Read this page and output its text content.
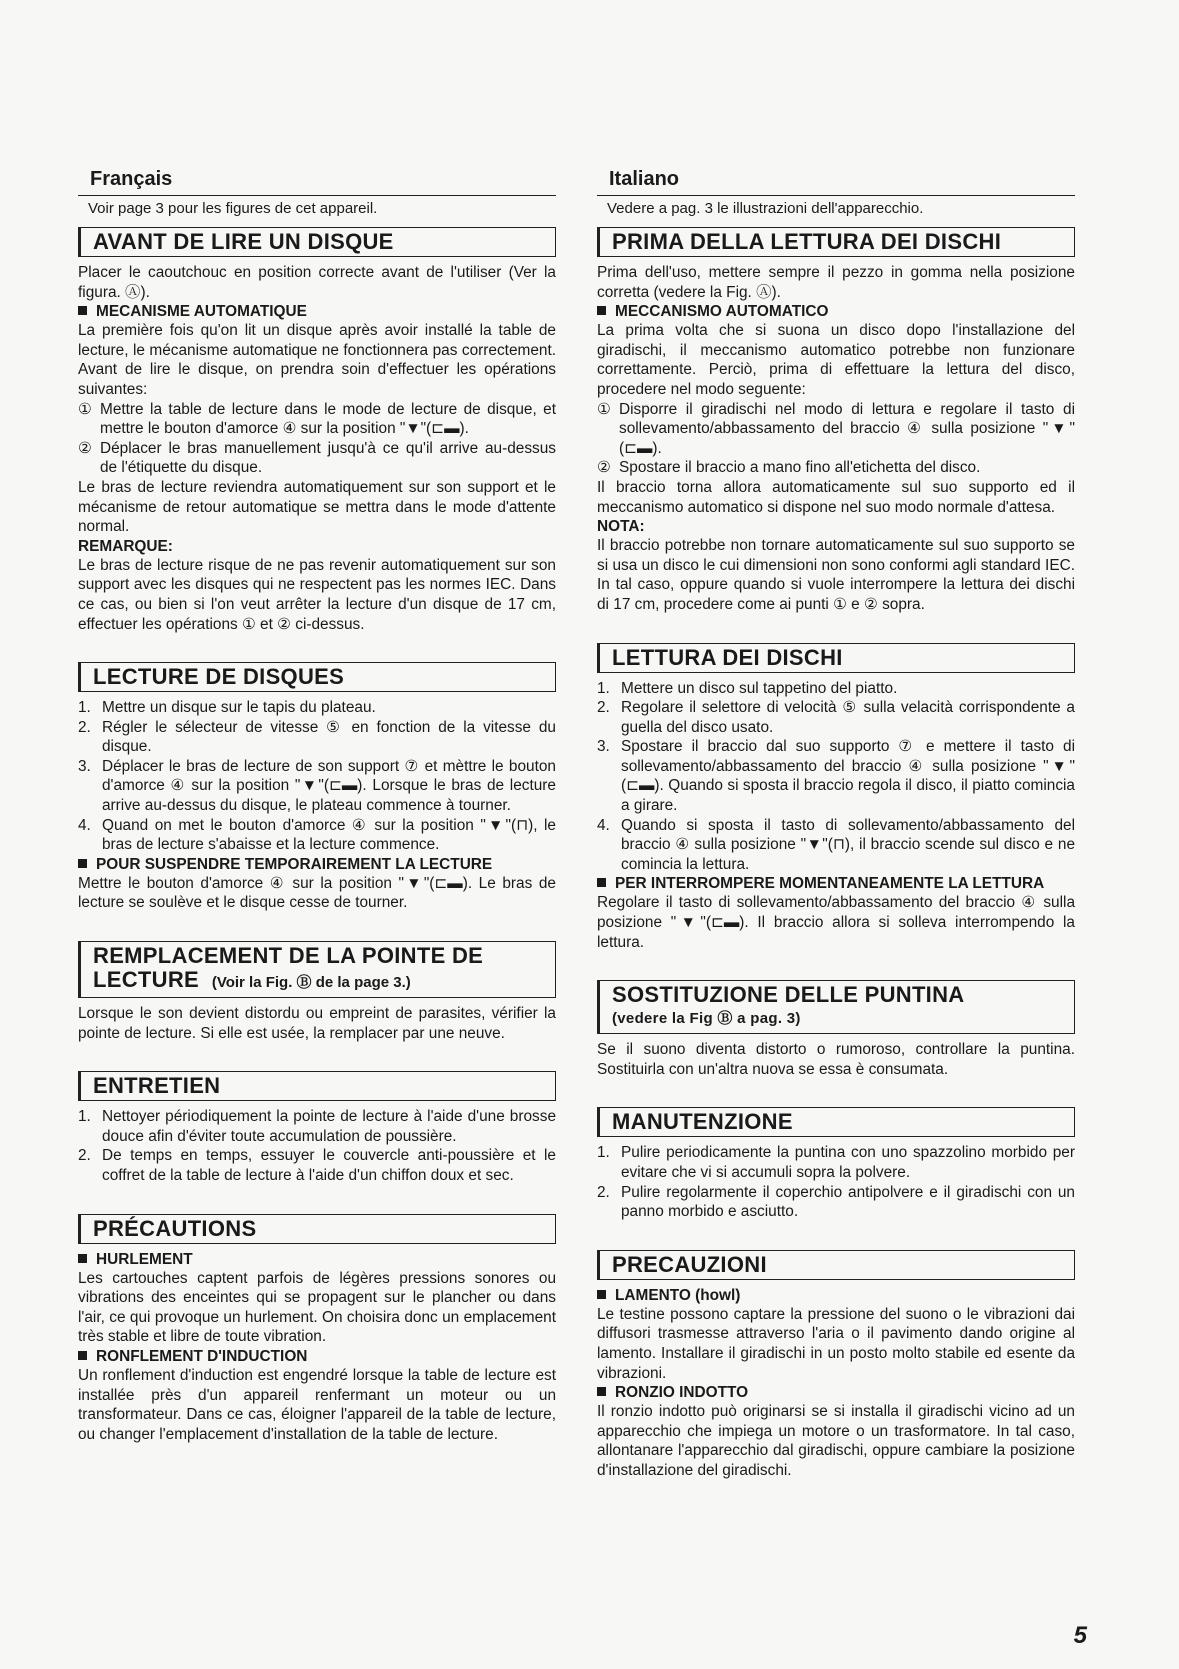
Français
Voir page 3 pour les figures de cet appareil.
AVANT DE LIRE UN DISQUE

Placer le caoutchouc en position correcte avant de l'utiliser (Ver la figura. Ⓐ).

MECANISME AUTOMATIQUE

La première fois qu'on lit un disque après avoir installé la table de lecture, le mécanisme automatique ne fonctionnera pas correctement. Avant de lire le disque, on prendra soin d'effectuer les opérations suivantes:

① Mettre la table de lecture dans le mode de lecture de disque, et mettre le bouton d'amorce ④ sur la position "▼"(⊏▬).
② Déplacer le bras manuellement jusqu'à ce qu'il arrive au-dessus de l'étiquette du disque.

Le bras de lecture reviendra automatiquement sur son support et le mécanisme de retour automatique se mettra dans le mode d'attente normal.

REMARQUE:

Le bras de lecture risque de ne pas revenir automatiquement sur son support avec les disques qui ne respectent pas les normes IEC. Dans ce cas, ou bien si l'on veut arrêter la lecture d'un disque de 17 cm, effectuer les opérations ① et ② ci-dessus.

LECTURE DE DISQUES
1. Mettre un disque sur le tapis du plateau.
2. Régler le sélecteur de vitesse ⑤ en fonction de la vitesse du disque.
3. Déplacer le bras de lecture de son support ⑦ et mèttre le bouton d'amorce ④ sur la position "▼"(⊏▬). Lorsque le bras de lecture arrive au-dessus du disque, le plateau commence à tourner.
4. Quand on met le bouton d'amorce ④ sur la position "▼"(⊓), le bras de lecture s'abaisse et la lecture commence.
POUR SUSPENDRE TEMPORAIREMENT LA LECTURE

Mettre le bouton d'amorce ④ sur la position "▼"(⊏▬). Le bras de lecture se soulève et le disque cesse de tourner.

REMPLACEMENT DE LA POINTE DE
LECTURE (Voir la Fig. Ⓑ de la page 3.)

Lorsque le son devient distordu ou empreint de parasites, vérifier la pointe de lecture. Si elle est usée, la remplacer par une neuve.

ENTRETIEN
1. Nettoyer périodiquement la pointe de lecture à l'aide d'une brosse douce afin d'éviter toute accumulation de poussière.
2. De temps en temps, essuyer le couvercle anti-poussière et le coffret de la table de lecture à l'aide d'un chiffon doux et sec.
PRÉCAUTIONS
HURLEMENT

Les cartouches captent parfois de légères pressions sonores ou vibrations des enceintes qui se propagent sur le plancher ou dans l'air, ce qui provoque un hurlement. On choisira donc un emplacement très stable et libre de toute vibration.

RONFLEMENT D'INDUCTION

Un ronflement d'induction est engendré lorsque la table de lecture est installée près d'un appareil renfermant un moteur ou un transformateur. Dans ce cas, éloigner l'appareil de la table de lecture, ou changer l'emplacement d'installation de la table de lecture.

Italiano
Vedere a pag. 3 le illustrazioni dell'apparecchio.
PRIMA DELLA LETTURA DEI DISCHI

Prima dell'uso, mettere sempre il pezzo in gomma nella posizione corretta (vedere la Fig. Ⓐ).

MECCANISMO AUTOMATICO

La prima volta che si suona un disco dopo l'installazione del giradischi, il meccanismo automatico potrebbe non funzionare correttamente. Perciò, prima di effettuare la lettura del disco, procedere nel modo seguente:

① Disporre il giradischi nel modo di lettura e regolare il tasto di sollevamento/abbassamento del braccio ④ sulla posizione "▼"(⊏▬).
② Spostare il braccio a mano fino all'etichetta del disco.

Il braccio torna allora automaticamente sul suo supporto ed il meccanismo automatico si dispone nel suo modo normale d'attesa.

NOTA:

Il braccio potrebbe non tornare automaticamente sul suo supporto se si usa un disco le cui dimensioni non sono conformi agli standard IEC. In tal caso, oppure quando si vuole interrompere la lettura dei dischi di 17 cm, procedere come ai punti ① e ② sopra.

LETTURA DEI DISCHI
1. Mettere un disco sul tappetino del piatto.
2. Regolare il selettore di velocità ⑤ sulla velacità corrispondente a guella del disco usato.
3. Spostare il braccio dal suo supporto ⑦ e mettere il tasto di sollevamento/abbassamento del braccio ④ sulla posizione "▼"(⊏▬). Quando si sposta il braccio regola il disco, il piatto comincia a girare.
4. Quando si sposta il tasto di sollevamento/abbassamento del braccio ④ sulla posizione "▼"(⊓), il braccio scende sul disco e ne comincia la lettura.
PER INTERROMPERE MOMENTANEAMENTE LA LETTURA

Regolare il tasto di sollevamento/abbassamento del braccio ④ sulla posizione "▼"(⊏▬). Il braccio allora si solleva interrompendo la lettura.

SOSTITUZIONE DELLE PUNTINA
(vedere la Fig Ⓑ a pag. 3)

Se il suono diventa distorto o rumoroso, controllare la puntina. Sostituirla con un'altra nuova se essa è consumata.

MANUTENZIONE
1. Pulire periodicamente la puntina con uno spazzolino morbido per evitare che vi si accumuli sopra la polvere.
2. Pulire regolarmente il coperchio antipolvere e il giradischi con un panno morbido e asciutto.
PRECAUZIONI
LAMENTO (howl)

Le testine possono captare la pressione del suono o le vibrazioni dai diffusori trasmesse attraverso l'aria o il pavimento dando origine al lamento. Installare il giradischi in un posto molto stabile ed esente da vibrazioni.

RONZIO INDOTTO

Il ronzio indotto può originarsi se si installa il giradischi vicino ad un apparecchio che impiega un motore o un trasformatore. In tal caso, allontanare l'apparecchio dal giradischi, oppure cambiare la posizione d'installazione del giradischi.

5
